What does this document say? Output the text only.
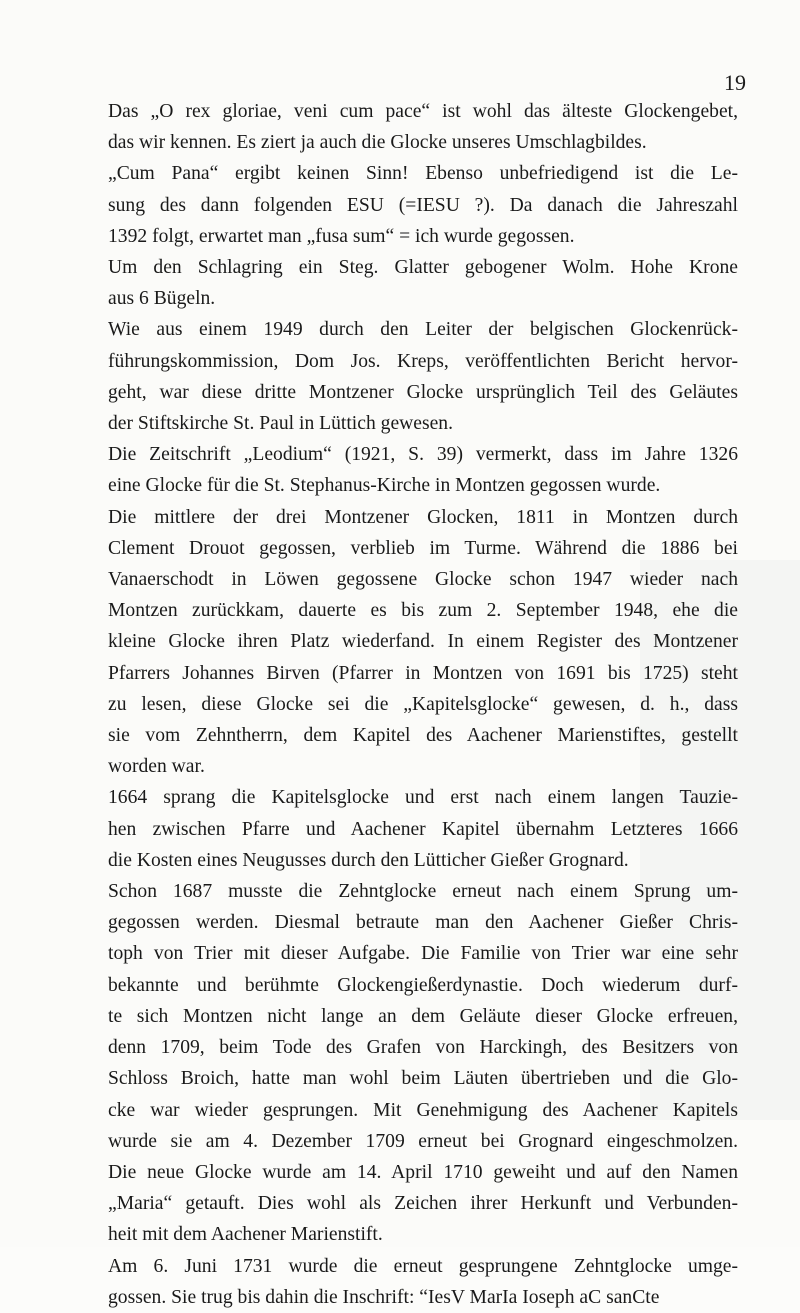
19

Das „O rex gloriae, veni cum pace“ ist wohl das älteste Glockengebet,
das wir kennen. Es ziert ja auch die Glocke unseres Umschlagbildes.

„Cum Pana“ ergibt keinen Sinn! Ebenso unbefriedigend ist die Le-
sung des dann folgenden ESU (=IESU ?). Da danach die Jahreszahl
1392 folgt, erwartet man „fusa sum“ = ich wurde gegossen.

Um den Schlagring ein Steg. Glatter gebogener Wolm. Hohe Krone
aus 6 Bügeln.

Wie aus einem 1949 durch den Leiter der belgischen Glockenrück-
führungskommission, Dom Jos. Kreps, veröffentlichten Bericht hervor-
geht, war diese dritte Montzener Glocke ursprünglich Teil des Geläutes
der Stiftskirche St. Paul in Lüttich gewesen.

Die Zeitschrift „Leodium“ (1921, S. 39) vermerkt, dass im Jahre 1326
eine Glocke für die St. Stephanus-Kirche in Montzen gegossen wurde.

Die mittlere der drei Montzener Glocken, 1811 in Montzen durch
Clement Drouot gegossen, verblieb im Turme. Während die 1886 bei
Vanaerschodt in Löwen gegossene Glocke schon 1947 wieder nach
Montzen zurückkam, dauerte es bis zum 2. September 1948, ehe die
kleine Glocke ihren Platz wiederfand. In einem Register des Montzener
Pfarrers Johannes Birven (Pfarrer in Montzen von 1691 bis 1725) steht
zu lesen, diese Glocke sei die „Kapitelsglocke“ gewesen, d. h., dass
sie vom Zehntherrn, dem Kapitel des Aachener Marienstiftes, gestellt
worden war.

1664 sprang die Kapitelsglocke und erst nach einem langen Tauzie-
hen zwischen Pfarre und Aachener Kapitel übernahm Letzteres 1666
die Kosten eines Neugusses durch den Lütticher Gießer Grognard.

Schon 1687 musste die Zehntglocke erneut nach einem Sprung um-
gegossen werden. Diesmal betraute man den Aachener Gießer Chris-
toph von Trier mit dieser Aufgabe. Die Familie von Trier war eine sehr
bekannte und berühmte Glockengießerdynastie. Doch wiederum durf-
te sich Montzen nicht lange an dem Geläute dieser Glocke erfreuen,
denn 1709, beim Tode des Grafen von Harckingh, des Besitzers von
Schloss Broich, hatte man wohl beim Läuten übertrieben und die Glo-
cke war wieder gesprungen. Mit Genehmigung des Aachener Kapitels
wurde sie am 4. Dezember 1709 erneut bei Grognard eingeschmolzen.
Die neue Glocke wurde am 14. April 1710 geweiht und auf den Namen
„Maria“ getauft. Dies wohl als Zeichen ihrer Herkunft und Verbunden-
heit mit dem Aachener Marienstift.

Am 6. Juni 1731 wurde die erneut gesprungene Zehntglocke umge-
gossen. Sie trug bis dahin die Inschrift: “IesV MarIa Ioseph aC sanCte
